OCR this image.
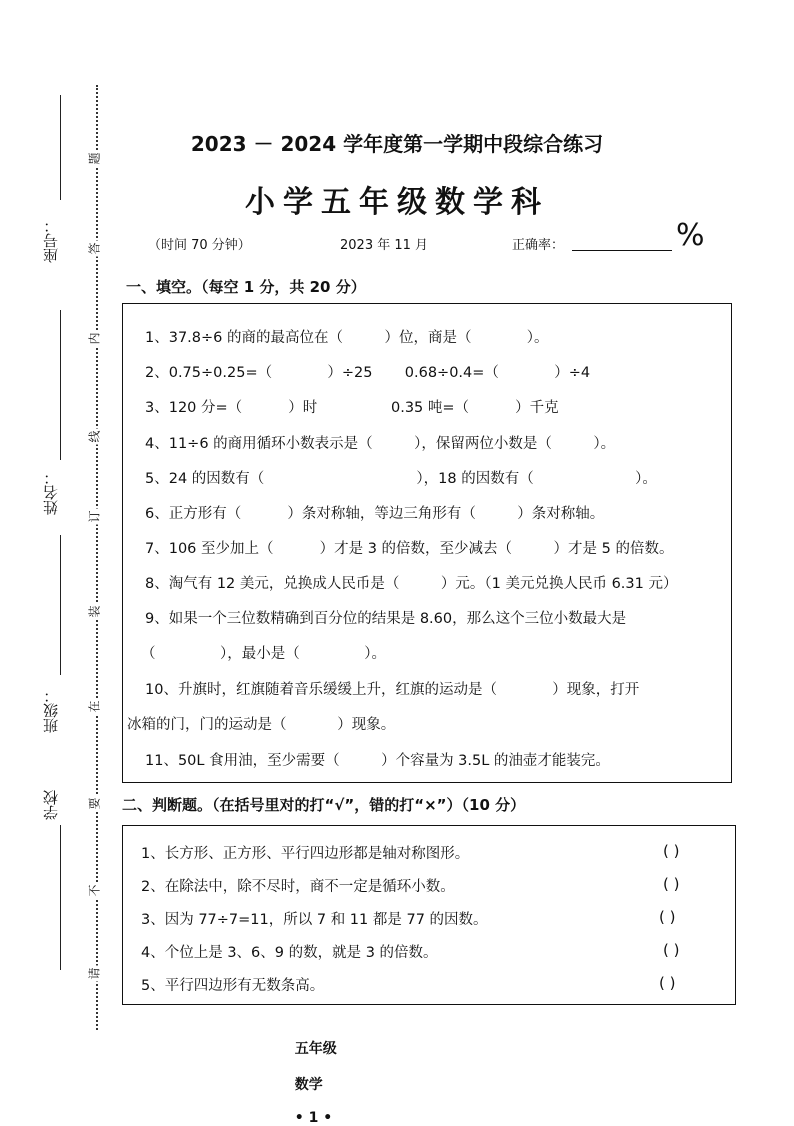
座号：
姓名：
班级：
学校
题
答
内
线
订
装
在
要
不
请
2023 － 2024 学年度第一学期中段综合练习
小学五年级数学科
（时间 70 分钟）	2023 年 11 月	正确率：	%
一、填空。（每空 1 分，共 20 分）
1、37.8÷6 的商的最高位在（         ）位，商是（            ）。
2、0.75÷0.25=（            ）÷25       0.68÷0.4=（            ）÷4
3、120 分=（          ）时                0.35 吨=（          ）千克
4、11÷6 的商用循环小数表示是（         ），保留两位小数是（         ）。
5、24 的因数有（                                 ），18 的因数有（                      ）。
6、正方形有（          ）条对称轴，等边三角形有（         ）条对称轴。
7、106 至少加上（          ）才是 3 的倍数，至少减去（         ）才是 5 的倍数。
8、淘气有 12 美元，兑换成人民币是（         ）元。（1 美元兑换人民币 6.31 元）
9、如果一个三位数精确到百分位的结果是 8.60，那么这个三位小数最大是
（              ），最小是（              ）。
10、升旗时，红旗随着音乐缓缓上升，红旗的运动是（            ）现象，打开
冰箱的门，门的运动是（           ）现象。
11、50L 食用油，至少需要（         ）个容量为 3.5L 的油壶才能装完。
二、判断题。（在括号里对的打“√”，错的打“×”）（10 分）
1、长方形、正方形、平行四边形都是轴对称图形。	( )
2、在除法中，除不尽时，商不一定是循环小数。	( )
3、因为 77÷7=11，所以 7 和 11 都是 77 的因数。	( )
4、个位上是 3、6、9 的数，就是 3 的倍数。	( )
5、平行四边形有无数条高。	( )

五年级

数学

• 1 •
